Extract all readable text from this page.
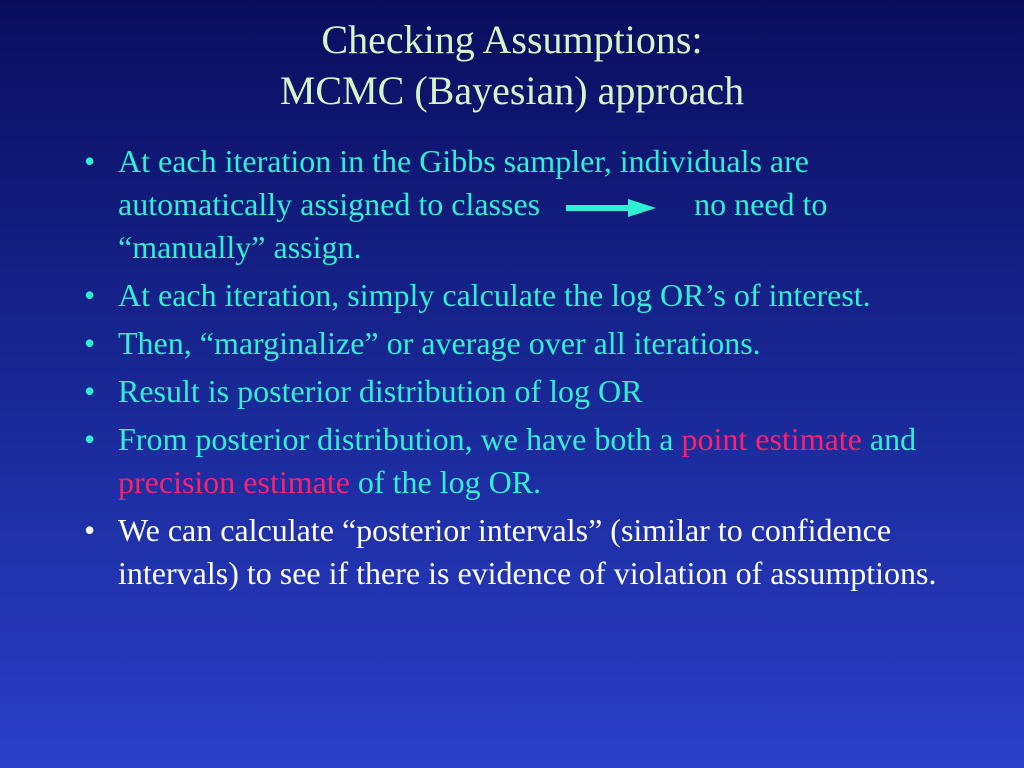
Checking Assumptions:
MCMC (Bayesian) approach
• At each iteration in the Gibbs sampler, individuals are automatically assigned to classes	no need to “manually” assign.
• At each iteration, simply calculate the log OR’s of interest.
• Then, “marginalize” or average over all iterations.
• Result is posterior distribution of log OR
• From posterior distribution, we have both a point estimate and precision estimate of the log OR.
• We can calculate “posterior intervals” (similar to confidence intervals) to see if there is evidence of violation of assumptions.
